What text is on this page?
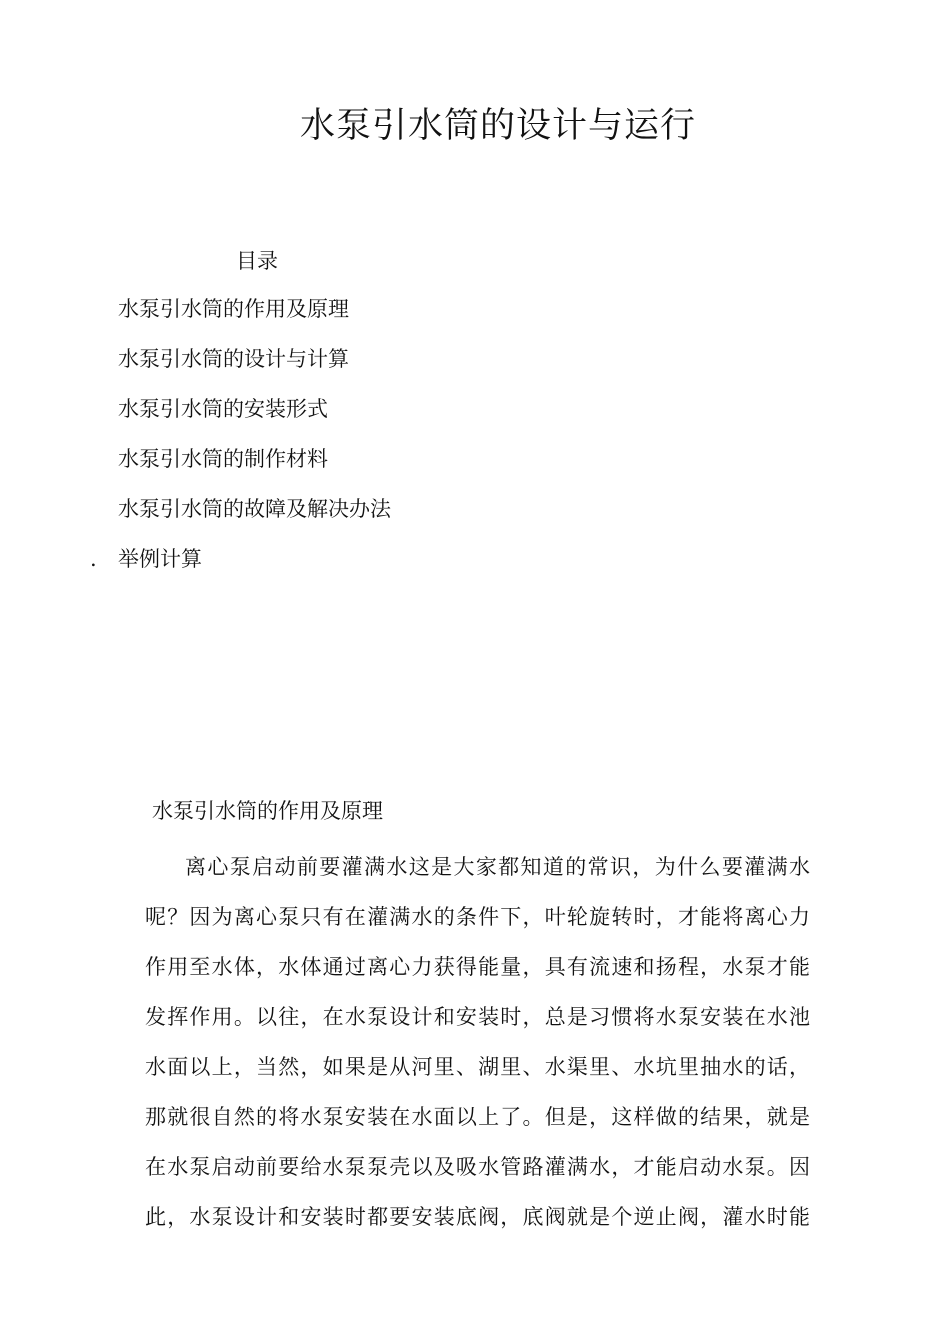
水泵引水筒的设计与运行
目录
水泵引水筒的作用及原理
水泵引水筒的设计与计算
水泵引水筒的安装形式
水泵引水筒的制作材料
水泵引水筒的故障及解决办法
.	举例计算
水泵引水筒的作用及原理
离心泵启动前要灌满水这是大家都知道的常识，为什么要灌满水
呢？因为离心泵只有在灌满水的条件下，叶轮旋转时，才能将离心力
作用至水体，水体通过离心力获得能量，具有流速和扬程，水泵才能
发挥作用。以往，在水泵设计和安装时，总是习惯将水泵安装在水池
水面以上，当然，如果是从河里、湖里、水渠里、水坑里抽水的话，
那就很自然的将水泵安装在水面以上了。但是，这样做的结果，就是
在水泵启动前要给水泵泵壳以及吸水管路灌满水，才能启动水泵。因
此，水泵设计和安装时都要安装底阀，底阀就是个逆止阀，灌水时能
